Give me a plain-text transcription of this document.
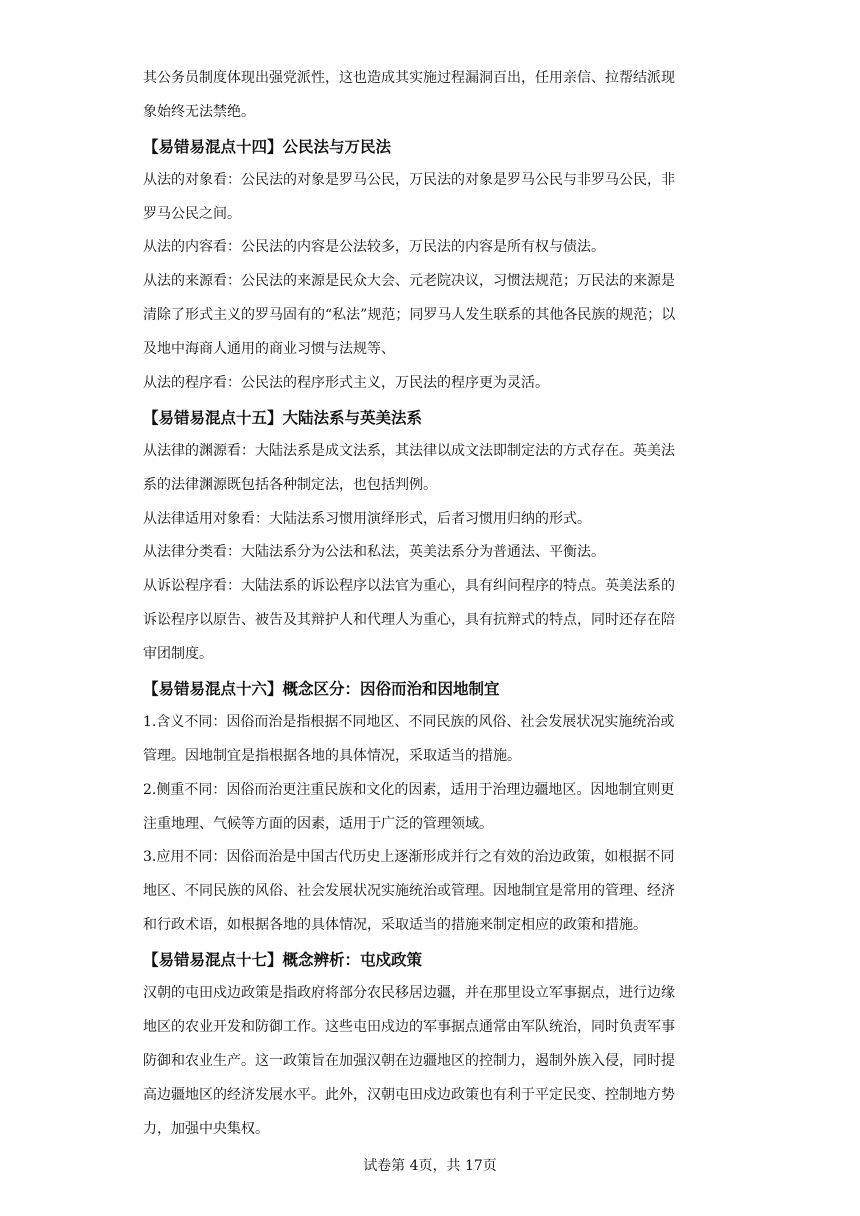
其公务员制度体现出强党派性，这也造成其实施过程漏洞百出，任用亲信、拉帮结派现
象始终无法禁绝。
【易错易混点十四】公民法与万民法
从法的对象看：公民法的对象是罗马公民，万民法的对象是罗马公民与非罗马公民，非
罗马公民之间。
从法的内容看：公民法的内容是公法较多，万民法的内容是所有权与债法。
从法的来源看：公民法的来源是民众大会、元老院决议，习惯法规范；万民法的来源是
清除了形式主义的罗马固有的“私法”规范；同罗马人发生联系的其他各民族的规范；以
及地中海商人通用的商业习惯与法规等、
从法的程序看：公民法的程序形式主义，万民法的程序更为灵活。
【易错易混点十五】大陆法系与英美法系
从法律的渊源看：大陆法系是成文法系，其法律以成文法即制定法的方式存在。英美法
系的法律渊源既包括各种制定法，也包括判例。
从法律适用对象看：大陆法系习惯用演绎形式，后者习惯用归纳的形式。
从法律分类看：大陆法系分为公法和私法，英美法系分为普通法、平衡法。
从诉讼程序看：大陆法系的诉讼程序以法官为重心，具有纠问程序的特点。英美法系的
诉讼程序以原告、被告及其辩护人和代理人为重心，具有抗辩式的特点，同时还存在陪
审团制度。
【易错易混点十六】概念区分：因俗而治和因地制宜
1.含义不同：因俗而治是指根据不同地区、不同民族的风俗、社会发展状况实施统治或
管理。因地制宜是指根据各地的具体情况，采取适当的措施。
2.侧重不同：因俗而治更注重民族和文化的因素，适用于治理边疆地区。因地制宜则更
注重地理、气候等方面的因素，适用于广泛的管理领域。
3.应用不同：因俗而治是中国古代历史上逐渐形成并行之有效的治边政策，如根据不同
地区、不同民族的风俗、社会发展状况实施统治或管理。因地制宜是常用的管理、经济
和行政术语，如根据各地的具体情况，采取适当的措施来制定相应的政策和措施。
【易错易混点十七】概念辨析：屯戍政策
汉朝的屯田戍边政策是指政府将部分农民移居边疆，并在那里设立军事据点，进行边缘
地区的农业开发和防御工作。这些屯田戍边的军事据点通常由军队统治，同时负责军事
防御和农业生产。这一政策旨在加强汉朝在边疆地区的控制力，遏制外族入侵，同时提
高边疆地区的经济发展水平。此外，汉朝屯田戍边政策也有利于平定民变、控制地方势
力，加强中央集权。
试卷第 4页，共 17页
